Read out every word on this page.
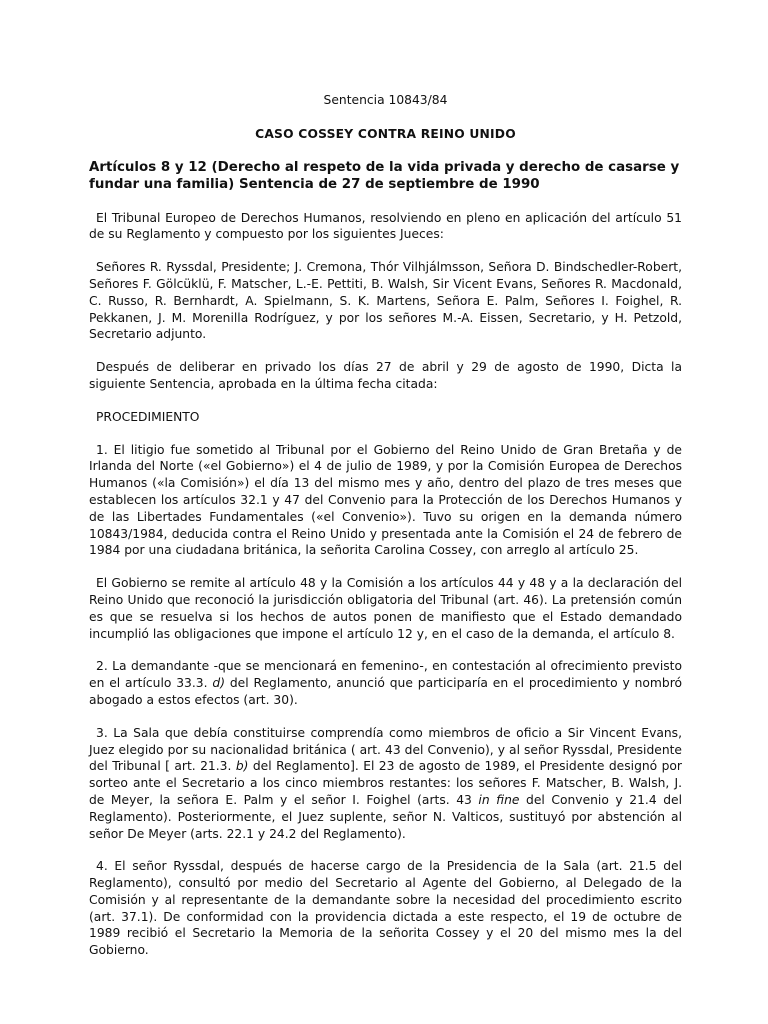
Sentencia 10843/84
CASO COSSEY CONTRA REINO UNIDO
Artículos 8 y 12 (Derecho al respeto de la vida privada y derecho de casarse y fundar una familia) Sentencia de 27 de septiembre de 1990

El Tribunal Europeo de Derechos Humanos, resolviendo en pleno en aplicación del artículo 51 de su Reglamento y compuesto por los siguientes Jueces:

Señores R. Ryssdal, Presidente; J. Cremona, Thór Vilhjálmsson, Señora D. Bindschedler-Robert, Señores F. Gölcüklü, F. Matscher, L.-E. Pettiti, B. Walsh, Sir Vicent Evans, Señores R. Macdonald, C. Russo, R. Bernhardt, A. Spielmann, S. K. Martens, Señora E. Palm, Señores I. Foighel, R. Pekkanen, J. M. Morenilla Rodríguez, y por los señores M.-A. Eissen, Secretario, y H. Petzold, Secretario adjunto.

Después de deliberar en privado los días 27 de abril y 29 de agosto de 1990, Dicta la siguiente Sentencia, aprobada en la última fecha citada:

PROCEDIMIENTO

1. El litigio fue sometido al Tribunal por el Gobierno del Reino Unido de Gran Bretaña y de Irlanda del Norte («el Gobierno») el 4 de julio de 1989, y por la Comisión Europea de Derechos Humanos («la Comisión») el día 13 del mismo mes y año, dentro del plazo de tres meses que establecen los artículos 32.1 y 47 del Convenio para la Protección de los Derechos Humanos y de las Libertades Fundamentales («el Convenio»). Tuvo su origen en la demanda número 10843/1984, deducida contra el Reino Unido y presentada ante la Comisión el 24 de febrero de 1984 por una ciudadana británica, la señorita Carolina Cossey, con arreglo al artículo 25.

El Gobierno se remite al artículo 48 y la Comisión a los artículos 44 y 48 y a la declaración del Reino Unido que reconoció la jurisdicción obligatoria del Tribunal (art. 46). La pretensión común es que se resuelva si los hechos de autos ponen de manifiesto que el Estado demandado incumplió las obligaciones que impone el artículo 12 y, en el caso de la demanda, el artículo 8.

2. La demandante -que se mencionará en femenino-, en contestación al ofrecimiento previsto en el artículo 33.3. d) del Reglamento, anunció que participaría en el procedimiento y nombró abogado a estos efectos (art. 30).

3. La Sala que debía constituirse comprendía como miembros de oficio a Sir Vincent Evans, Juez elegido por su nacionalidad británica ( art. 43 del Convenio), y al señor Ryssdal, Presidente del Tribunal [ art. 21.3. b) del Reglamento]. El 23 de agosto de 1989, el Presidente designó por sorteo ante el Secretario a los cinco miembros restantes: los señores F. Matscher, B. Walsh, J. de Meyer, la señora E. Palm y el señor I. Foighel (arts. 43 in fine del Convenio y 21.4 del Reglamento). Posteriormente, el Juez suplente, señor N. Valticos, sustituyó por abstención al señor De Meyer (arts. 22.1 y 24.2 del Reglamento).

4. El señor Ryssdal, después de hacerse cargo de la Presidencia de la Sala (art. 21.5 del Reglamento), consultó por medio del Secretario al Agente del Gobierno, al Delegado de la Comisión y al representante de la demandante sobre la necesidad del procedimiento escrito (art. 37.1). De conformidad con la providencia dictada a este respecto, el 19 de octubre de 1989 recibió el Secretario la Memoria de la señorita Cossey y el 20 del mismo mes la del Gobierno.
